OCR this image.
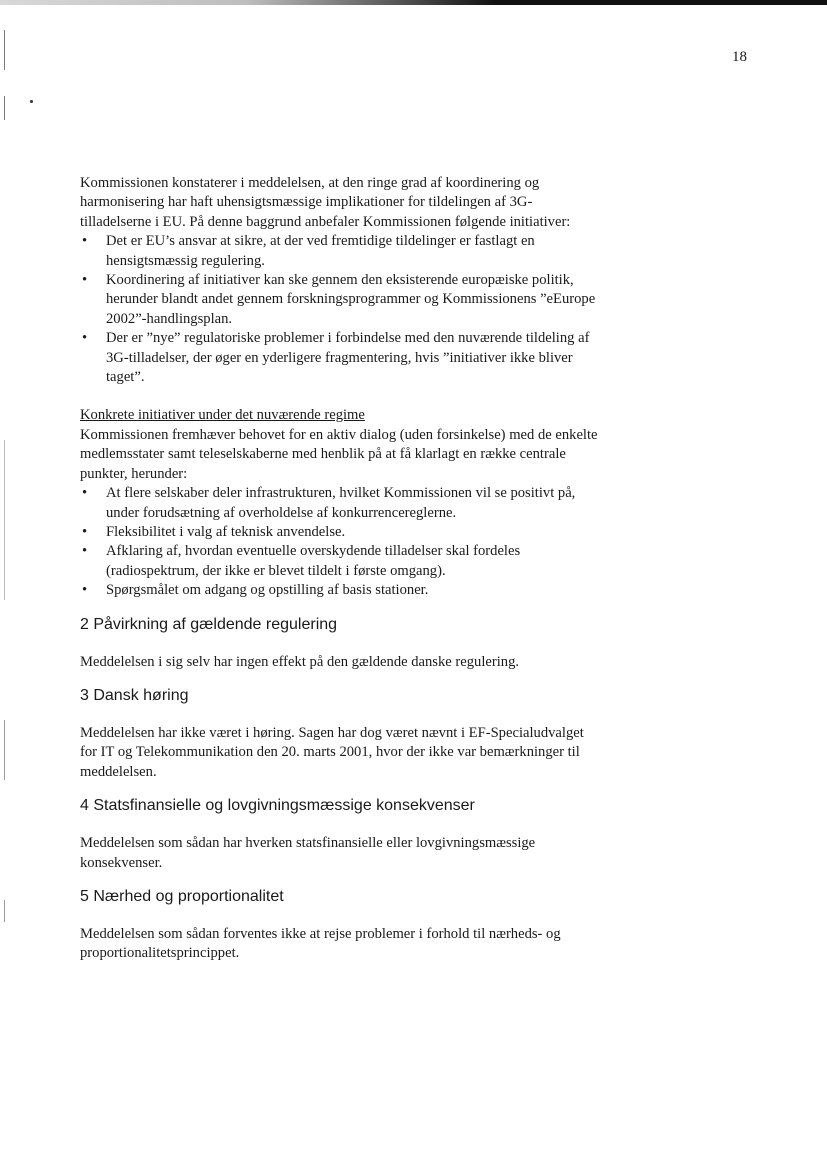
18

Kommissionen konstaterer i meddelelsen, at den ringe grad af koordinering og harmonisering har haft uhensigtsmæssige implikationer for tildelingen af 3G-tilladelserne i EU. På denne baggrund anbefaler Kommissionen følgende initiativer:

• Det er EU’s ansvar at sikre, at der ved fremtidige tildelinger er fastlagt en hensigtsmæssig regulering.
• Koordinering af initiativer kan ske gennem den eksisterende europæiske politik, herunder blandt andet gennem forskningsprogrammer og Kommissionens ”eEurope 2002”-handlingsplan.
• Der er ”nye” regulatoriske problemer i forbindelse med den nuværende tildeling af 3G-tilladelser, der øger en yderligere fragmentering, hvis ”initiativer ikke bliver taget”.

Konkrete initiativer under det nuværende regime

Kommissionen fremhæver behovet for en aktiv dialog (uden forsinkelse) med de enkelte medlemsstater samt teleselskaberne med henblik på at få klarlagt en række centrale punkter, herunder:

• At flere selskaber deler infrastrukturen, hvilket Kommissionen vil se positivt på, under forudsætning af overholdelse af konkurrencereglerne.
• Fleksibilitet i valg af teknisk anvendelse.
• Afklaring af, hvordan eventuelle overskydende tilladelser skal fordeles (radiospektrum, der ikke er blevet tildelt i første omgang).
• Spørgsmålet om adgang og opstilling af basis stationer.
2 Påvirkning af gældende regulering

Meddelelsen i sig selv har ingen effekt på den gældende danske regulering.

3 Dansk høring

Meddelelsen har ikke været i høring. Sagen har dog været nævnt i EF-Specialudvalget for IT og Telekommunikation den 20. marts 2001, hvor der ikke var bemærkninger til meddelelsen.

4 Statsfinansielle og lovgivningsmæssige konsekvenser

Meddelelsen som sådan har hverken statsfinansielle eller lovgivningsmæssige konsekvenser.

5 Nærhed og proportionalitet

Meddelelsen som sådan forventes ikke at rejse problemer i forhold til nærheds- og proportionalitetsprincippet.
